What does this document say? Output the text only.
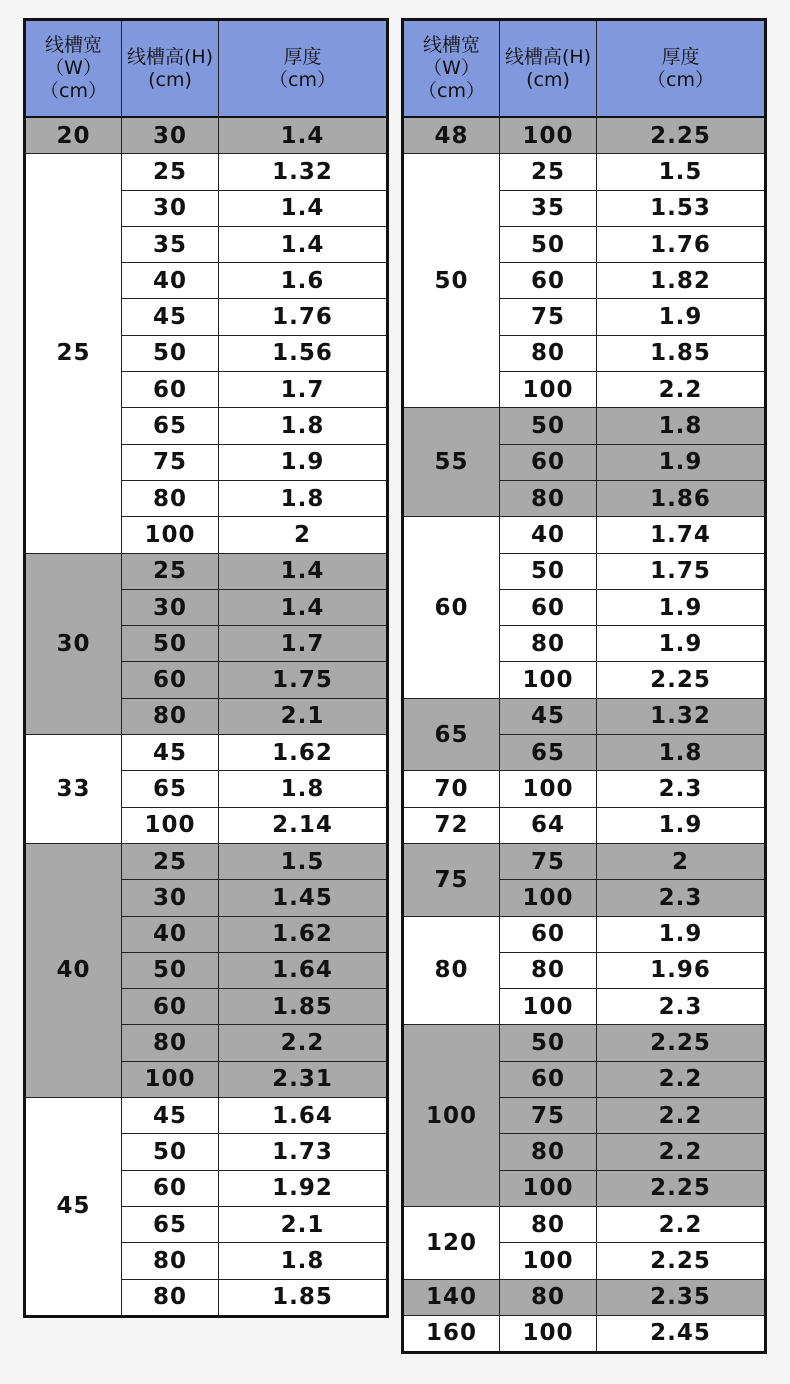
线槽宽
（W）
（cm）	线槽高(H)
(cm)	厚度
（cm）

20	30	1.4
25	25	1.32
	30	1.4
	35	1.4
	40	1.6
	45	1.76
	50	1.56
	60	1.7
	65	1.8
	75	1.9
	80	1.8
	100	2
30	25	1.4
	30	1.4
	50	1.7
	60	1.75
	80	2.1
33	45	1.62
	65	1.8
	100	2.14
40	25	1.5
	30	1.45
	40	1.62
	50	1.64
	60	1.85
	80	2.2
	100	2.31
45	45	1.64
	50	1.73
	60	1.92
	65	2.1
	80	1.8
	80	1.85
线槽宽
（W）
（cm）	线槽高(H)
(cm)	厚度
（cm）

48	100	2.25
50	25	1.5
	35	1.53
	50	1.76
	60	1.82
	75	1.9
	80	1.85
	100	2.2
55	50	1.8
	60	1.9
	80	1.86
60	40	1.74
	50	1.75
	60	1.9
	80	1.9
	100	2.25
65	45	1.32
	65	1.8
70	100	2.3
72	64	1.9
75	75	2
	100	2.3
80	60	1.9
	80	1.96
	100	2.3
100	50	2.25
	60	2.2
	75	2.2
	80	2.2
	100	2.25
120	80	2.2
	100	2.25
140	80	2.35
160	100	2.45
